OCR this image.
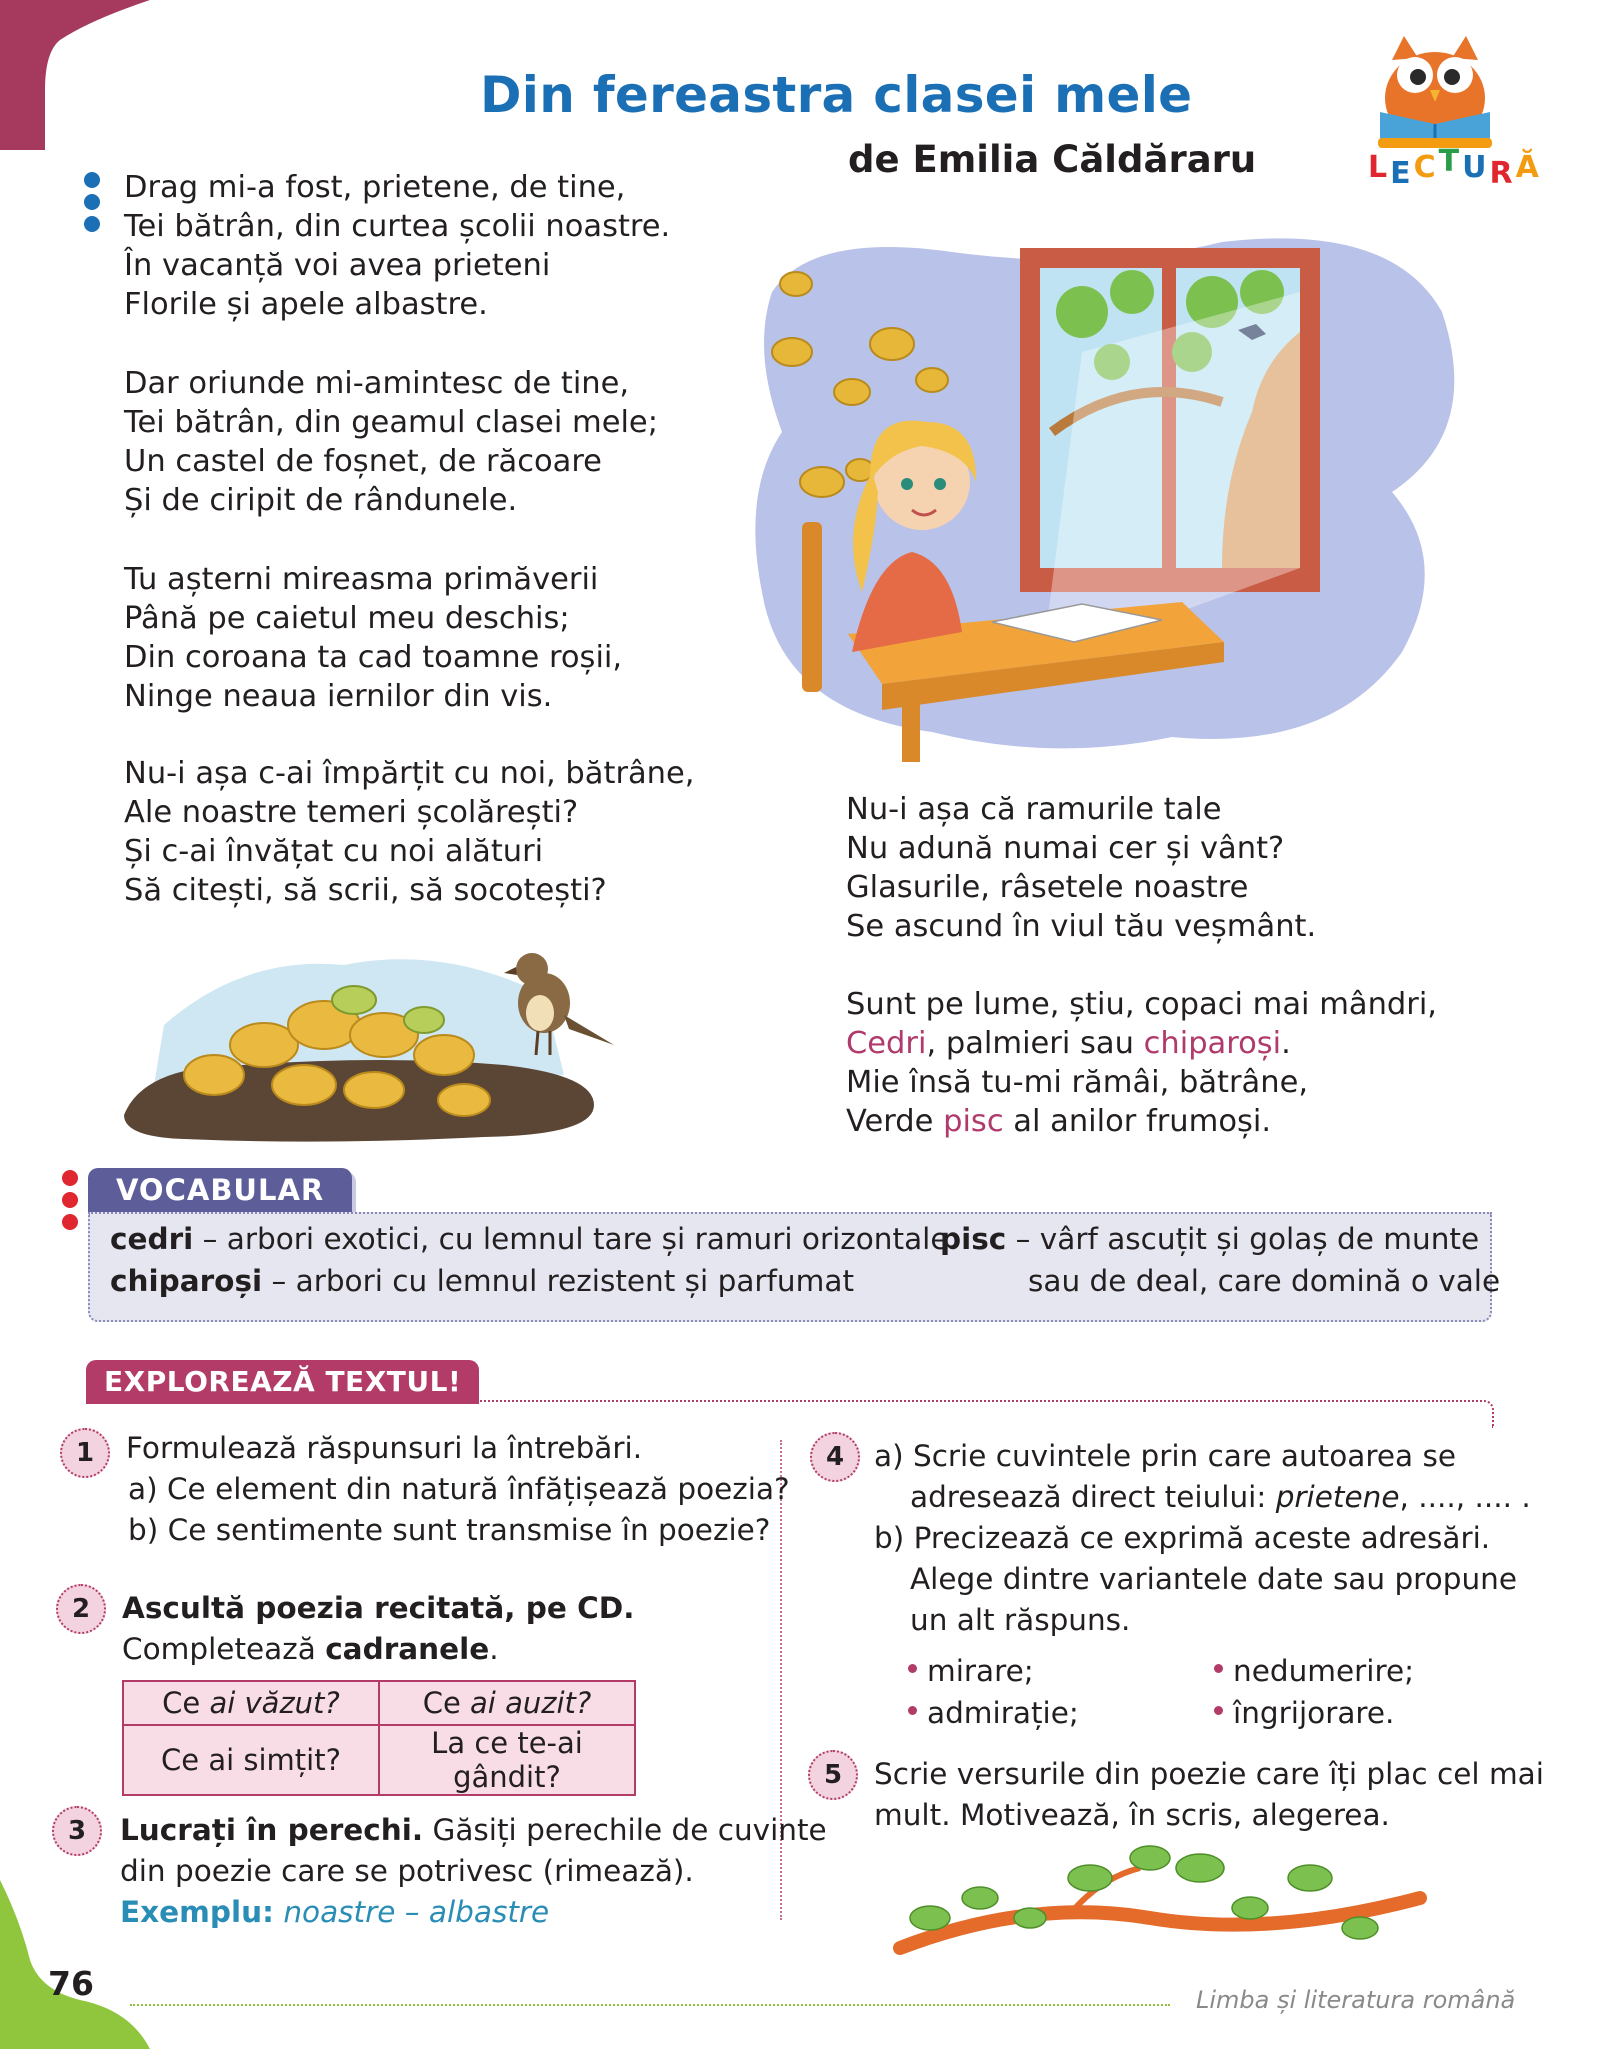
Din fereastra clasei mele
de Emilia Căldăraru	LECTURĂ
Drag mi-a fost, prietene, de tine,
Tei bătrân, din curtea școlii noastre.
În vacanță voi avea prieteni
Florile și apele albastre.
Dar oriunde mi-amintesc de tine,
Tei bătrân, din geamul clasei mele;
Un castel de foșnet, de răcoare
Și de ciripit de rândunele.
Tu așterni mireasma primăverii
Până pe caietul meu deschis;
Din coroana ta cad toamne roșii,
Ninge neaua iernilor din vis.
Nu-i așa c-ai împărțit cu noi, bătrâne,
Ale noastre temeri școlărești?
Și c-ai învățat cu noi alături
Să citești, să scrii, să socotești?
Nu-i așa că ramurile tale
Nu adună numai cer și vânt?
Glasurile, râsetele noastre
Se ascund în viul tău veșmânt.
Sunt pe lume, știu, copaci mai mândri,
Cedri, palmieri sau chiparoși.
Mie însă tu-mi rămâi, bătrâne,
Verde pisc al anilor frumoși.
VOCABULAR
cedri – arbori exotici, cu lemnul tare și ramuri orizontale
chiparoși – arbori cu lemnul rezistent și parfumat
pisc – vârf ascuțit și golaș de munte
sau de deal, care domină o vale
EXPLOREAZĂ TEXTUL!
1	Formulează răspunsuri la întrebări.
a) Ce element din natură înfățișează poezia?
b) Ce sentimente sunt transmise în poezie?
2	Ascultă poezia recitată, pe CD.
Completează cadranele.
Ce ai văzut?	Ce ai auzit?
Ce ai simțit?	La ce te-ai gândit?
3	Lucrați în perechi. Găsiți perechile de cuvinte
din poezie care se potrivesc (rimează).
Exemplu: noastre – albastre
4	a) Scrie cuvintele prin care autoarea se
adresează direct teiului: prietene, ...., .... .
b) Precizează ce exprimă aceste adresări.
Alege dintre variantele date sau propune
un alt răspuns.
mirare;	nedumerire;
admirație;	îngrijorare.
5	Scrie versurile din poezie care îți plac cel mai
mult. Motivează, în scris, alegerea.
76	Limba și literatura română
